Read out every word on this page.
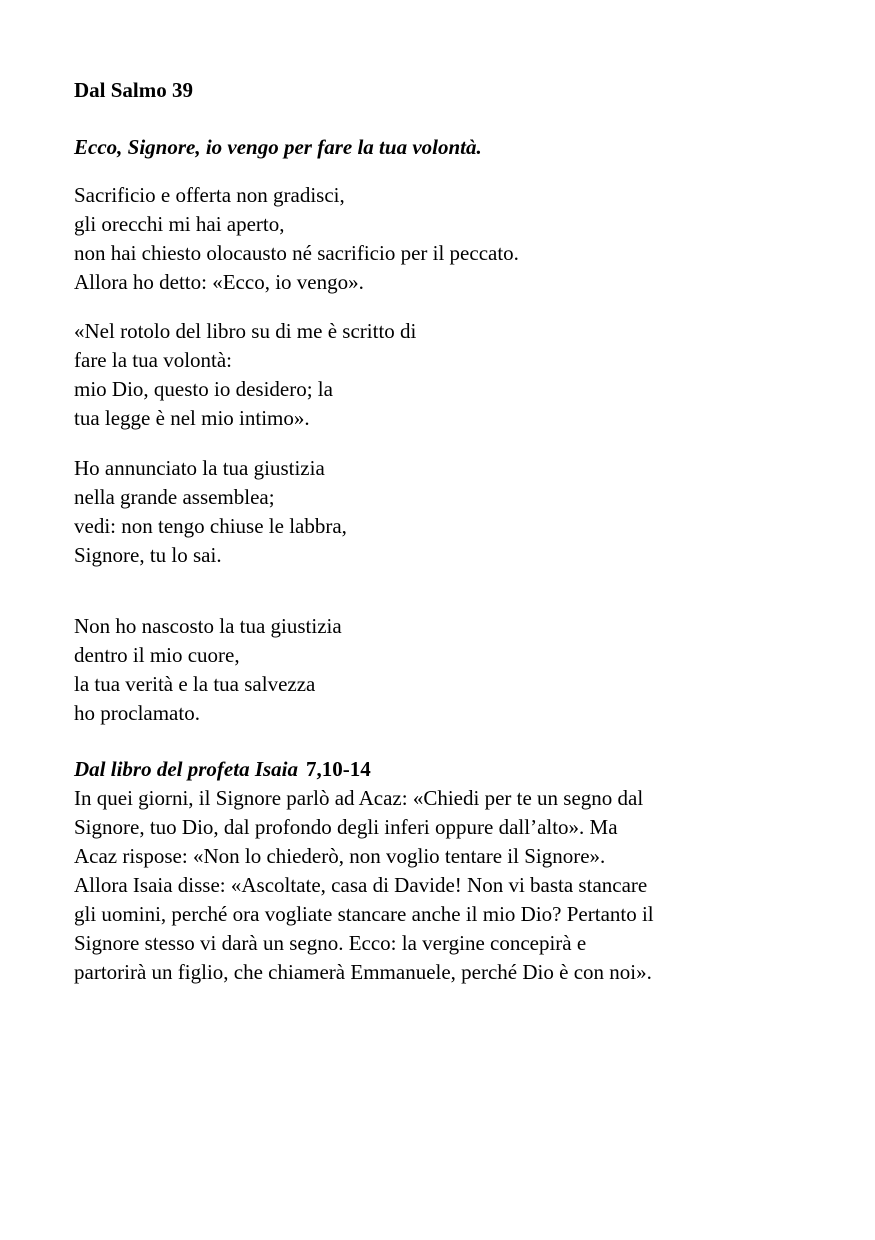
Dal Salmo 39
Ecco, Signore, io vengo per fare la tua volontà.
Sacrificio e offerta non gradisci,
gli orecchi mi hai aperto,
non hai chiesto olocausto né sacrificio per il peccato.
Allora ho detto: «Ecco, io vengo».
«Nel rotolo del libro su di me è scritto di
fare la tua volontà:
mio Dio, questo io desidero; la
tua legge è nel mio intimo».
Ho annunciato la tua giustizia
nella grande assemblea;
vedi: non tengo chiuse le labbra,
Signore, tu lo sai.
Non ho nascosto la tua giustizia
dentro il mio cuore,
la tua verità e la tua salvezza
ho proclamato.
Dal libro del profeta Isaia 7,10-14
In quei giorni, il Signore parlò ad Acaz: «Chiedi per te un segno dal
Signore, tuo Dio, dal profondo degli inferi oppure dall’alto». Ma
Acaz rispose: «Non lo chiederò, non voglio tentare il Signore».
Allora Isaia disse: «Ascoltate, casa di Davide! Non vi basta stancare
gli uomini, perché ora vogliate stancare anche il mio Dio? Pertanto il
Signore stesso vi darà un segno. Ecco: la vergine concepirà e
partorirà un figlio, che chiamerà Emmanuele, perché Dio è con noi».
